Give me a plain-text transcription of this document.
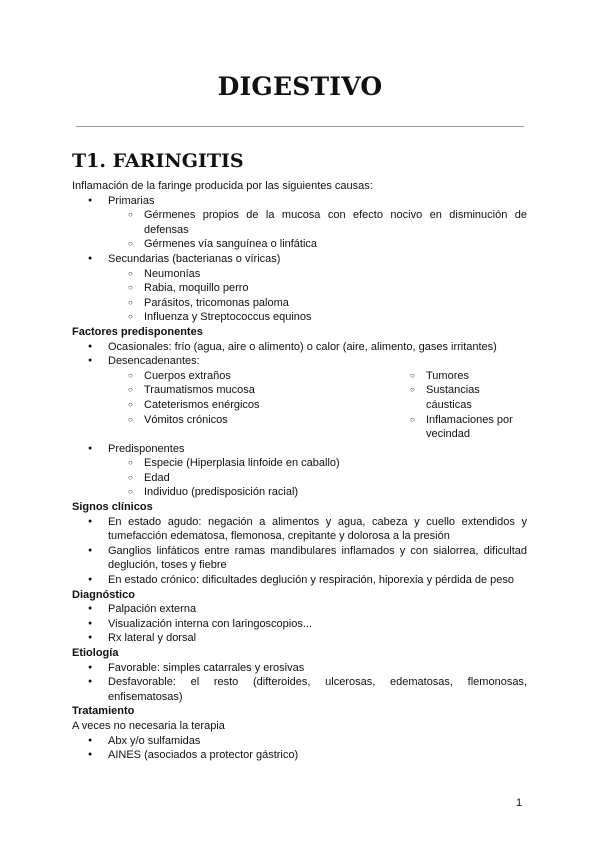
DIGESTIVO
T1. FARINGITIS

Inflamación de la faringe producida por las siguientes causas:

● Primarias
○ Gérmenes propios de la mucosa con efecto nocivo en disminución de defensas
○ Gérmenes vía sanguínea o linfática
● Secundarias (bacterianas o víricas)
○ Neumonías
○ Rabia, moquillo perro
○ Parásitos, tricomonas paloma
○ Influenza y Streptococcus equinos

Factores predisponentes

● Ocasionales: frío (agua, aire o alimento) o calor (aire, alimento, gases irritantes)
● Desencadenantes:
○ Cuerpos extraños
○ Traumatismos mucosa
○ Cateterismos enérgicos
○ Vómitos crónicos
○ Tumores
○ Sustancias cáusticas
○ Inflamaciones por vecindad
● Predisponentes
○ Especie (Hiperplasia linfoide en caballo)
○ Edad
○ Individuo (predisposición racial)

Signos clínicos

● En estado agudo: negación a alimentos y agua, cabeza y cuello extendidos y tumefacción edematosa, flemonosa, crepitante y dolorosa a la presión
● Ganglios linfáticos entre ramas mandibulares inflamados y con sialorrea, dificultad deglución, toses y fiebre
● En estado crónico: dificultades deglución y respiración, hiporexia y pérdida de peso

Diagnóstico

● Palpación externa
● Visualización interna con laringoscopios...
● Rx lateral y dorsal

Etiología

● Favorable: simples catarrales y erosivas
● Desfavorable: el resto (difteroides, ulcerosas, edematosas, flemonosas, enfisematosas)

Tratamiento

A veces no necesaria la terapia

● Abx y/o sulfamidas
● AINES (asociados a protector gástrico)
1
